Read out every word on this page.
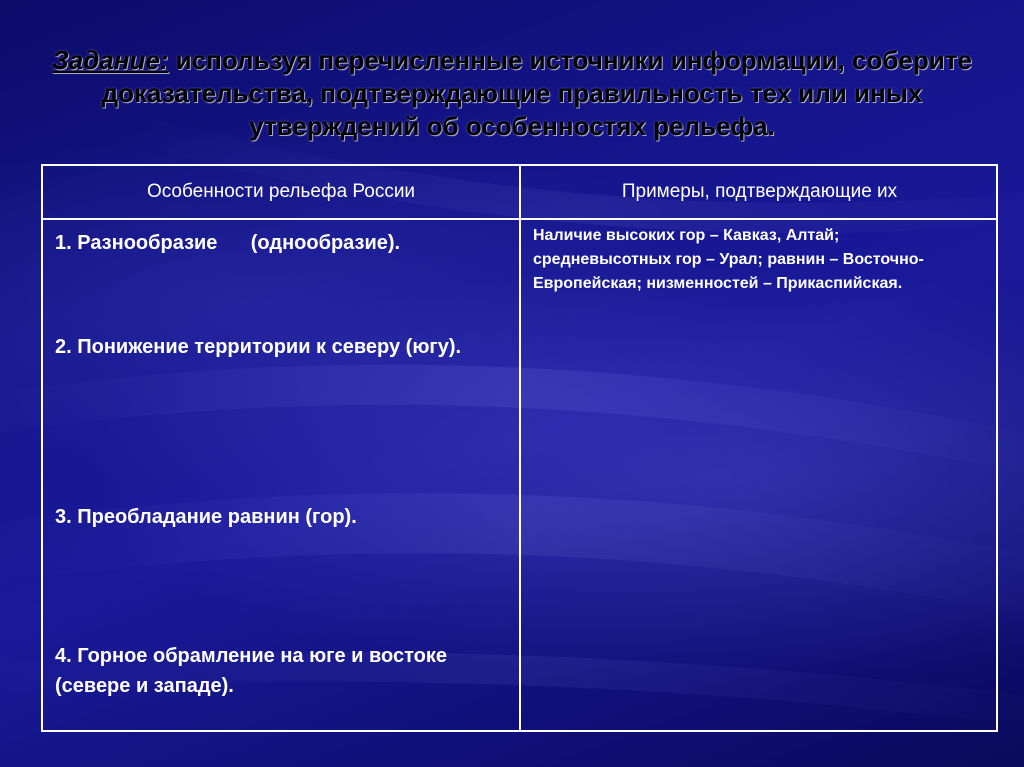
Задание: используя перечисленные источники информации, соберите доказательства, подтверждающие правильность тех или иных утверждений об особенностях рельефа.
Особенности рельефа России	Примеры, подтверждающие их
1. Разнообразие      (однообразие).
2. Понижение территории к северу (югу).
3. Преобладание равнин (гор).
4. Горное обрамление на юге и востоке (севере и западе).
Наличие высоких гор – Кавказ, Алтай; средневысотных гор – Урал; равнин – Восточно-Европейская; низменностей – Прикаспийская.
